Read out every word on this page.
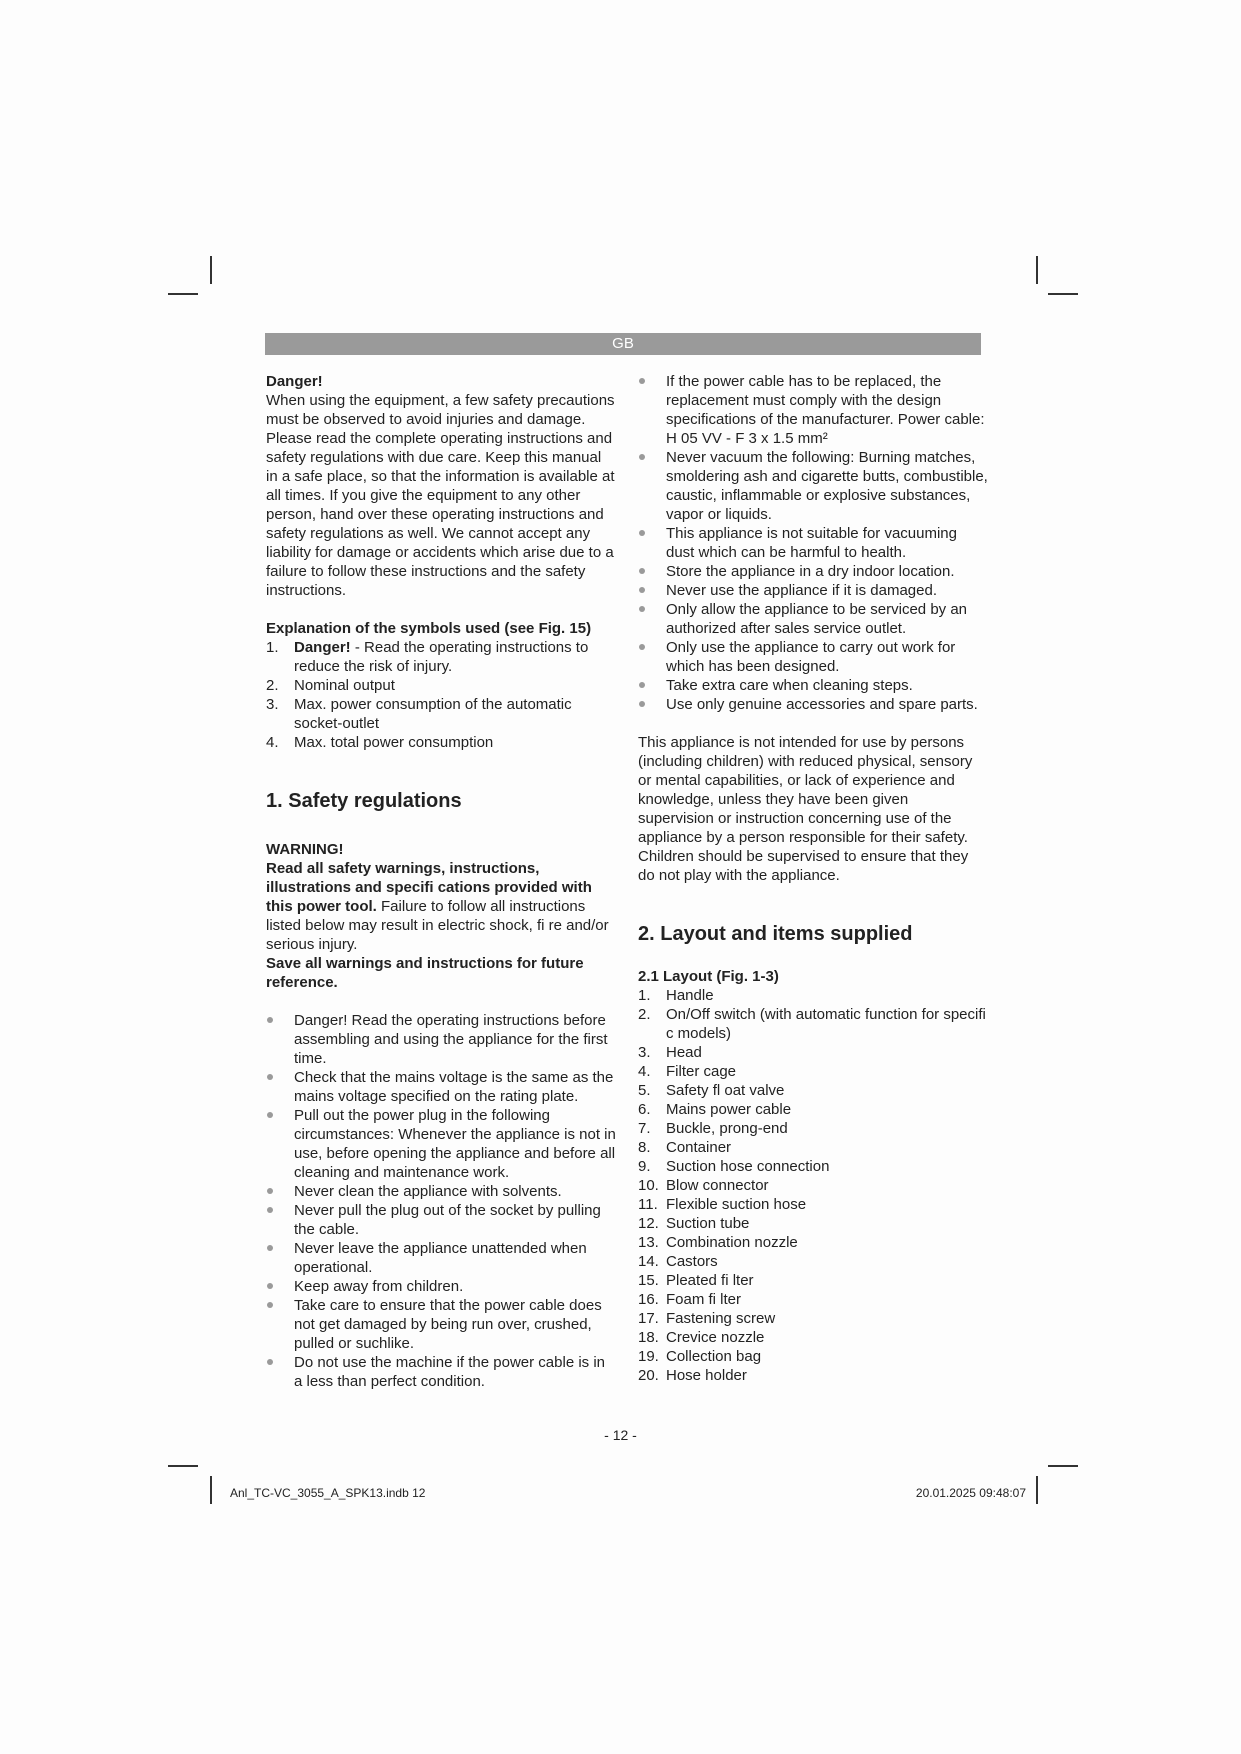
GB

Danger!

When using the equipment, a few safety precautions must be observed to avoid injuries and damage. Please read the complete operating instructions and safety regulations with due care. Keep this manual in a safe place, so that the information is available at all times. If you give the equipment to any other person, hand over these operating instructions and safety regulations as well. We cannot accept any liability for damage or accidents which arise due to a failure to follow these instructions and the safety instructions.

Explanation of the symbols used (see Fig. 15)

1. Danger! - Read the operating instructions to reduce the risk of injury.
2. Nominal output
3. Max. power consumption of the automatic socket-outlet
4. Max. total power consumption
1. Safety regulations

WARNING!

Read all safety warnings, instructions, illustrations and specifi cations provided with this power tool. Failure to follow all instructions listed below may result in electric shock, fi re and/or serious injury.

Save all warnings and instructions for future reference.

Danger! Read the operating instructions before assembling and using the appliance for the first time.
Check that the mains voltage is the same as the mains voltage specified on the rating plate.
Pull out the power plug in the following circumstances: Whenever the appliance is not in use, before opening the appliance and before all cleaning and maintenance work.
Never clean the appliance with solvents.
Never pull the plug out of the socket by pulling the cable.
Never leave the appliance unattended when operational.
Keep away from children.
Take care to ensure that the power cable does not get damaged by being run over, crushed, pulled or suchlike.
Do not use the machine if the power cable is in a less than perfect condition.
If the power cable has to be replaced, the replacement must comply with the design specifications of the manufacturer. Power cable: H 05 VV - F 3 x 1.5 mm²
Never vacuum the following: Burning matches, smoldering ash and cigarette butts, combustible, caustic, inflammable or explosive substances, vapor or liquids.
This appliance is not suitable for vacuuming dust which can be harmful to health.
Store the appliance in a dry indoor location.
Never use the appliance if it is damaged.
Only allow the appliance to be serviced by an authorized after sales service outlet.
Only use the appliance to carry out work for which has been designed.
Take extra care when cleaning steps.
Use only genuine accessories and spare parts.

This appliance is not intended for use by persons (including children) with reduced physical, sensory or mental capabilities, or lack of experience and knowledge, unless they have been given supervision or instruction concerning use of the appliance by a person responsible for their safety. Children should be supervised to ensure that they do not play with the appliance.

2. Layout and items supplied

2.1 Layout (Fig. 1-3)

1. Handle
2. On/Off switch (with automatic function for specifi c models)
3. Head
4. Filter cage
5. Safety fl oat valve
6. Mains power cable
7. Buckle, prong-end
8. Container
9. Suction hose connection
10. Blow connector
11. Flexible suction hose
12. Suction tube
13. Combination nozzle
14. Castors
15. Pleated fi lter
16. Foam fi lter
17. Fastening screw
18. Crevice nozzle
19. Collection bag
20. Hose holder
- 12 -
Anl_TC-VC_3055_A_SPK13.indb 12	20.01.2025 09:48:07
